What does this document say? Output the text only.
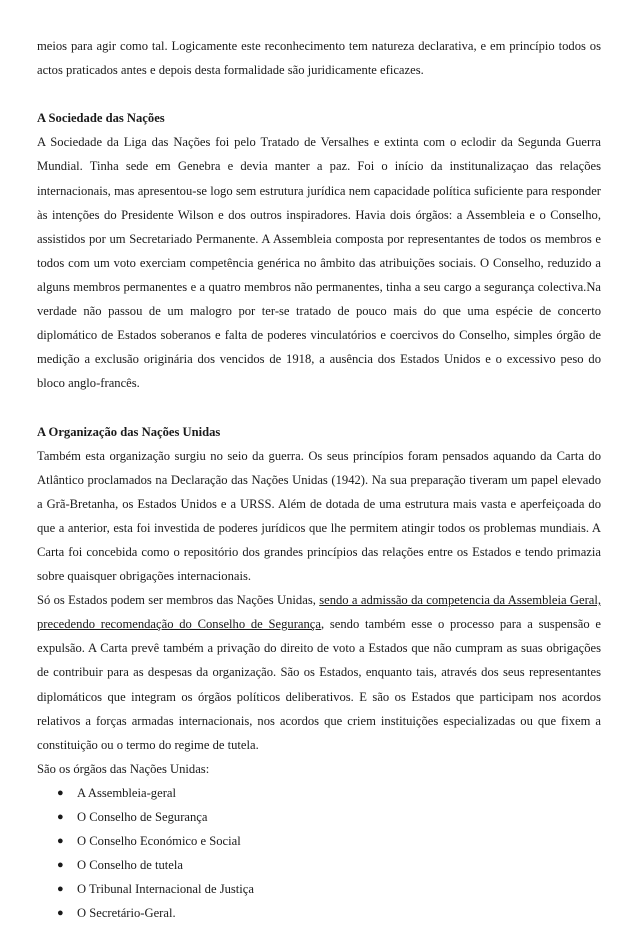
meios para agir como tal. Logicamente este reconhecimento tem natureza declarativa, e em princípio todos os actos praticados antes e depois desta formalidade são juridicamente eficazes.

A Sociedade das Nações

A Sociedade da Liga das Nações foi pelo Tratado de Versalhes e extinta com o eclodir da Segunda Guerra Mundial. Tinha sede em Genebra e devia manter a paz. Foi o início da institunalizaçao das relações internacionais, mas apresentou-se logo sem estrutura jurídica nem capacidade política suficiente para responder às intenções do Presidente Wilson e dos outros inspiradores. Havia dois órgãos: a Assembleia e o Conselho, assistidos por um Secretariado Permanente. A Assembleia composta por representantes de todos os membros e todos com um voto exerciam competência genérica no âmbito das atribuições sociais. O Conselho, reduzido a alguns membros permanentes e a quatro membros não permanentes, tinha a seu cargo a segurança colectiva.Na verdade não passou de um malogro por ter-se tratado de pouco mais do que uma espécie de concerto diplomático de Estados soberanos e falta de poderes vinculatórios e coercivos do Conselho, simples órgão de medição a exclusão originária dos vencidos de 1918, a ausência dos Estados Unidos e o excessivo peso do bloco anglo-francês.

A Organização das Nações Unidas

Também esta organização surgiu no seio da guerra. Os seus princípios foram pensados aquando da Carta do Atlântico proclamados na Declaração das Nações Unidas (1942). Na sua preparação tiveram um papel elevado a Grã-Bretanha, os Estados Unidos e a URSS. Além de dotada de uma estrutura mais vasta e aperfeiçoada do que a anterior, esta foi investida de poderes jurídicos que lhe permitem atingir todos os problemas mundiais. A Carta foi concebida como o repositório dos grandes princípios das relações entre os Estados e tendo primazia sobre quaisquer obrigações internacionais.

Só os Estados podem ser membros das Nações Unidas, sendo a admissão da competencia da Assembleia Geral, precedendo recomendação do Conselho de Segurança, sendo também esse o processo para a suspensão e expulsão. A Carta prevê também a privação do direito de voto a Estados que não cumpram as suas obrigações de contribuir para as despesas da organização. São os Estados, enquanto tais, através dos seus representantes diplomáticos que integram os órgãos políticos deliberativos. E são os Estados que participam nos acordos relativos a forças armadas internacionais, nos acordos que criem instituições especializadas ou que fixem a constituição ou o termo do regime de tutela.

São os órgãos das Nações Unidas:

● A Assembleia-geral
● O Conselho de Segurança
● O Conselho Económico e Social
● O Conselho de tutela
● O Tribunal Internacional de Justiça
● O Secretário-Geral.
